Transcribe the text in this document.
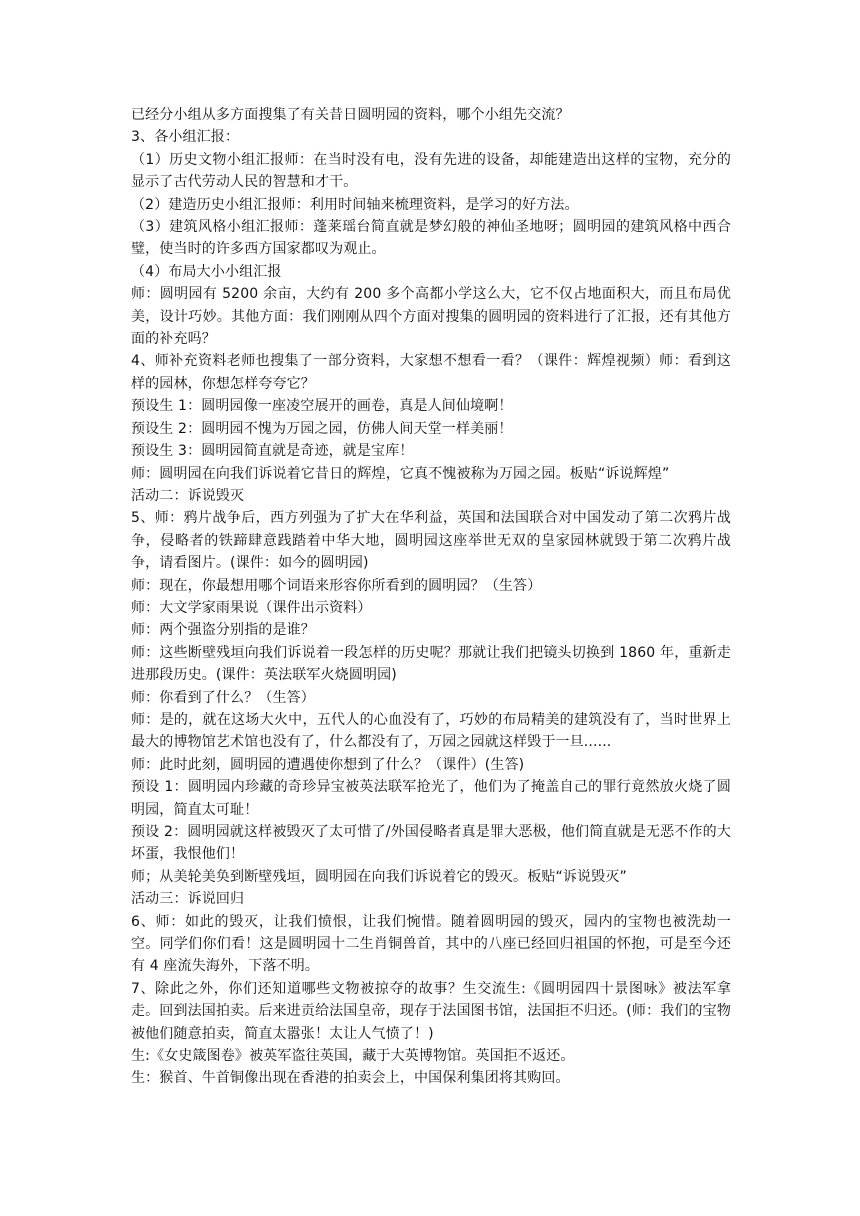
已经分小组从多方面搜集了有关昔日圆明园的资料，哪个小组先交流？

3、各小组汇报：

（1）历史文物小组汇报师：在当时没有电，没有先进的设备，却能建造出这样的宝物，充分的显示了古代劳动人民的智慧和才干。

（2）建造历史小组汇报师：利用时间轴来梳理资料，是学习的好方法。

（3）建筑风格小组汇报师：蓬莱瑶台简直就是梦幻般的神仙圣地呀；圆明园的建筑风格中西合璧，使当时的许多西方国家都叹为观止。

（4）布局大小小组汇报

师：圆明园有 5200 余亩，大约有 200 多个高都小学这么大，它不仅占地面积大，而且布局优美，设计巧妙。其他方面：我们刚刚从四个方面对搜集的圆明园的资料进行了汇报，还有其他方面的补充吗？

4、师补充资料老师也搜集了一部分资料，大家想不想看一看？（课件：辉煌视频）师：看到这样的园林，你想怎样夸夸它？

预设生 1：圆明园像一座凌空展开的画卷，真是人间仙境啊！

预设生 2：圆明园不愧为万园之园，仿佛人间天堂一样美丽！

预设生 3：圆明园简直就是奇迹，就是宝库！

师：圆明园在向我们诉说着它昔日的辉煌，它真不愧被称为万园之园。板贴“诉说辉煌”

活动二：诉说毁灭

5、师：鸦片战争后，西方列强为了扩大在华利益，英国和法国联合对中国发动了第二次鸦片战争，侵略者的铁蹄肆意践踏着中华大地，圆明园这座举世无双的皇家园林就毁于第二次鸦片战争，请看图片。(课件：如今的圆明园)

师：现在，你最想用哪个词语来形容你所看到的圆明园？（生答）

师：大文学家雨果说（课件出示资料）

师：两个强盗分别指的是谁？

师：这些断壁残垣向我们诉说着一段怎样的历史呢？那就让我们把镜头切换到 1860 年，重新走进那段历史。(课件：英法联军火烧圆明园)

师：你看到了什么？（生答）

师：是的，就在这场大火中，五代人的心血没有了，巧妙的布局精美的建筑没有了，当时世界上最大的博物馆艺术馆也没有了，什么都没有了，万园之园就这样毁于一旦......

师：此时此刻，圆明园的遭遇使你想到了什么？（课件）(生答)

预设 1：圆明园内珍藏的奇珍异宝被英法联军抢光了，他们为了掩盖自己的罪行竟然放火烧了圆明园，简直太可耻！

预设 2：圆明园就这样被毁灭了太可惜了/外国侵略者真是罪大恶极，他们简直就是无恶不作的大坏蛋，我恨他们！

师；从美轮美奂到断壁残垣，圆明园在向我们诉说着它的毁灭。板贴“诉说毁灭”

活动三：诉说回归

6、师：如此的毁灭，让我们愤恨，让我们惋惜。随着圆明园的毁灭，园内的宝物也被洗劫一空。同学们你们看！这是圆明园十二生肖铜兽首，其中的八座已经回归祖国的怀抱，可是至今还有 4 座流失海外，下落不明。

7、除此之外，你们还知道哪些文物被掠夺的故事？生交流生:《圆明园四十景图咏》被法军拿走。回到法国拍卖。后来进贡给法国皇帝，现存于法国图书馆，法国拒不归还。(师：我们的宝物被他们随意拍卖，简直太嚣张！太让人气愤了！)

生:《女史箴图卷》被英军盗往英国，藏于大英博物馆。英国拒不返还。

生：猴首、牛首铜像出现在香港的拍卖会上，中国保利集团将其购回。
